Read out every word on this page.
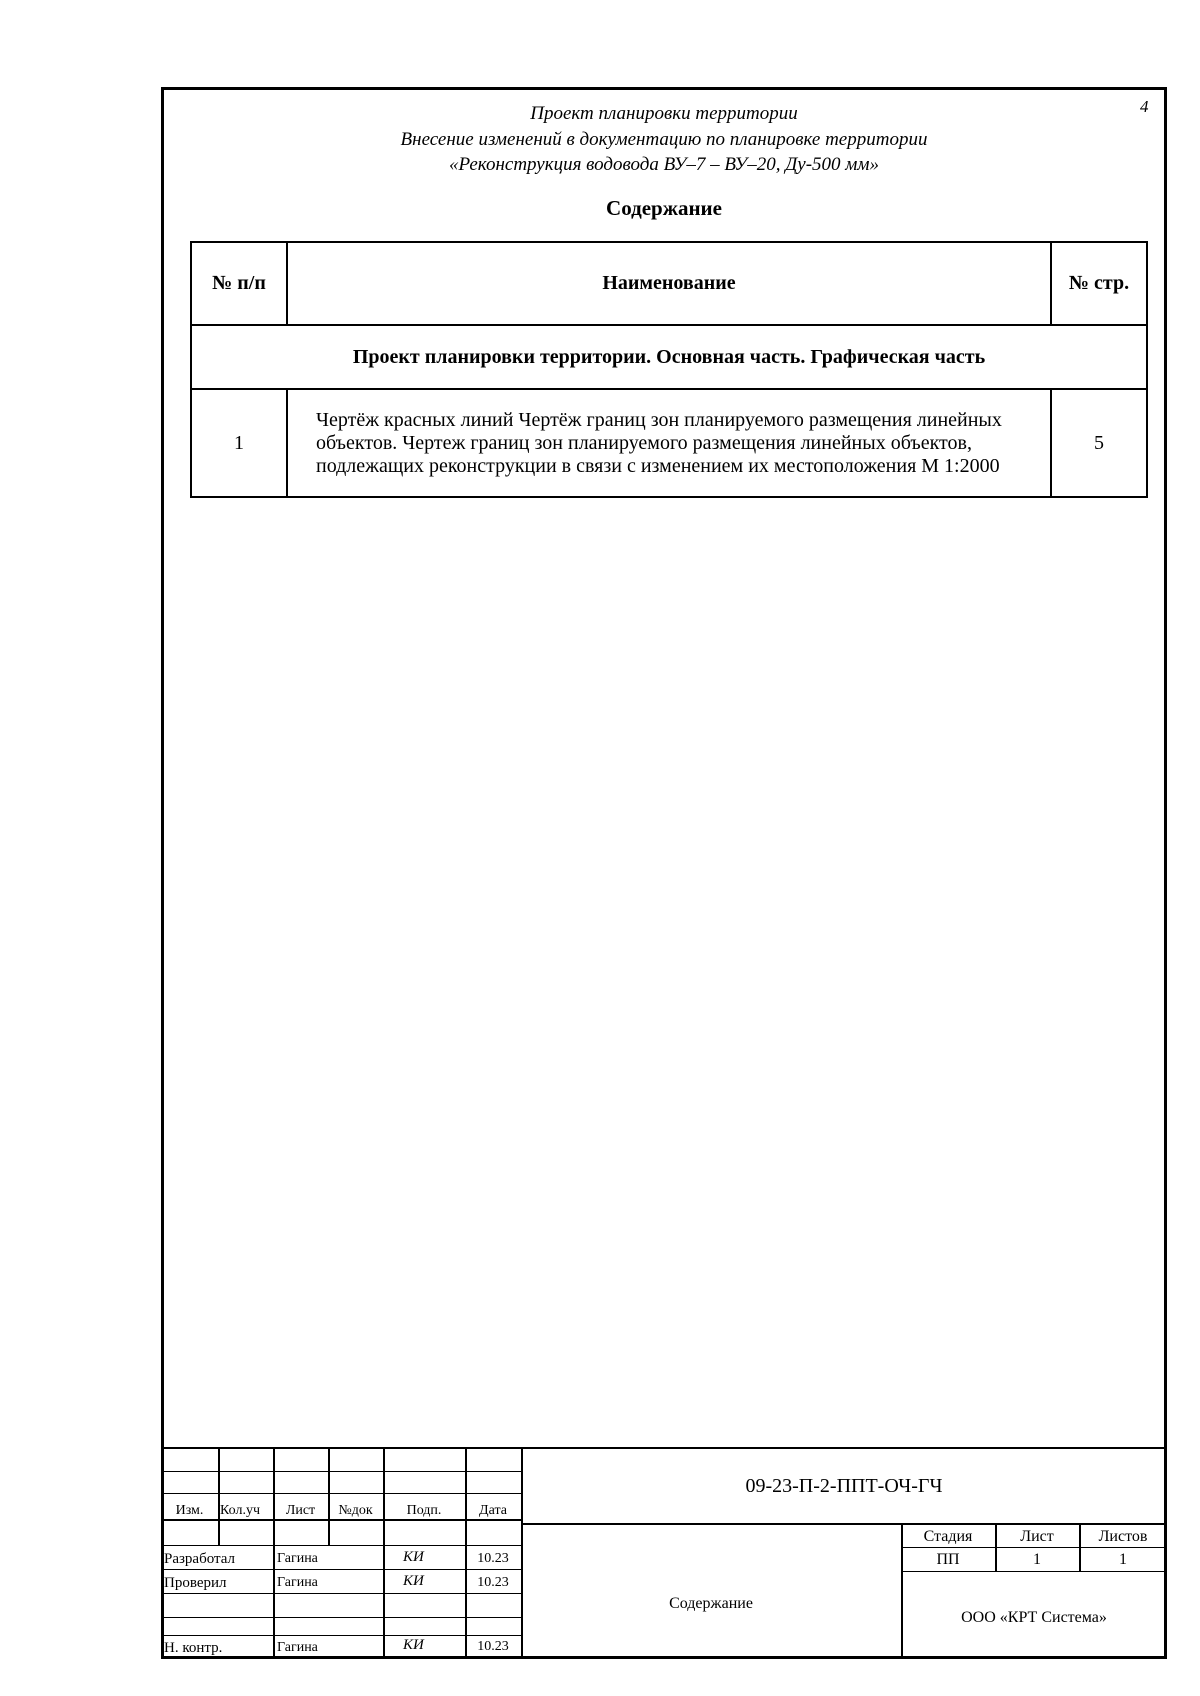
4
Проект планировки территории
Внесение изменений в документацию по планировке территории
«Реконструкция водовода ВУ–7 – ВУ–20, Ду-500 мм»
Содержание
№ п/п	Наименование	№ стр.
Проект планировки территории. Основная часть. Графическая часть		
1	Чертёж красных линий Чертёж границ зон планируемого размещения линейных объектов. Чертеж границ зон планируемого размещения линейных объектов, подлежащих реконструкции в связи с изменением их местоположения М 1:2000	5
Изм.	Кол.уч	Лист	№док	Подп.	Дата
Разработал	Гагина	КИ	10.23
Проверил	Гагина	КИ	10.23
Н. контр.	Гагина	КИ	10.23
09-23-П-2-ППТ-ОЧ-ГЧ
Стадия	Лист	Листов
ПП	1	1
Содержание
ООО «КРТ Система»
